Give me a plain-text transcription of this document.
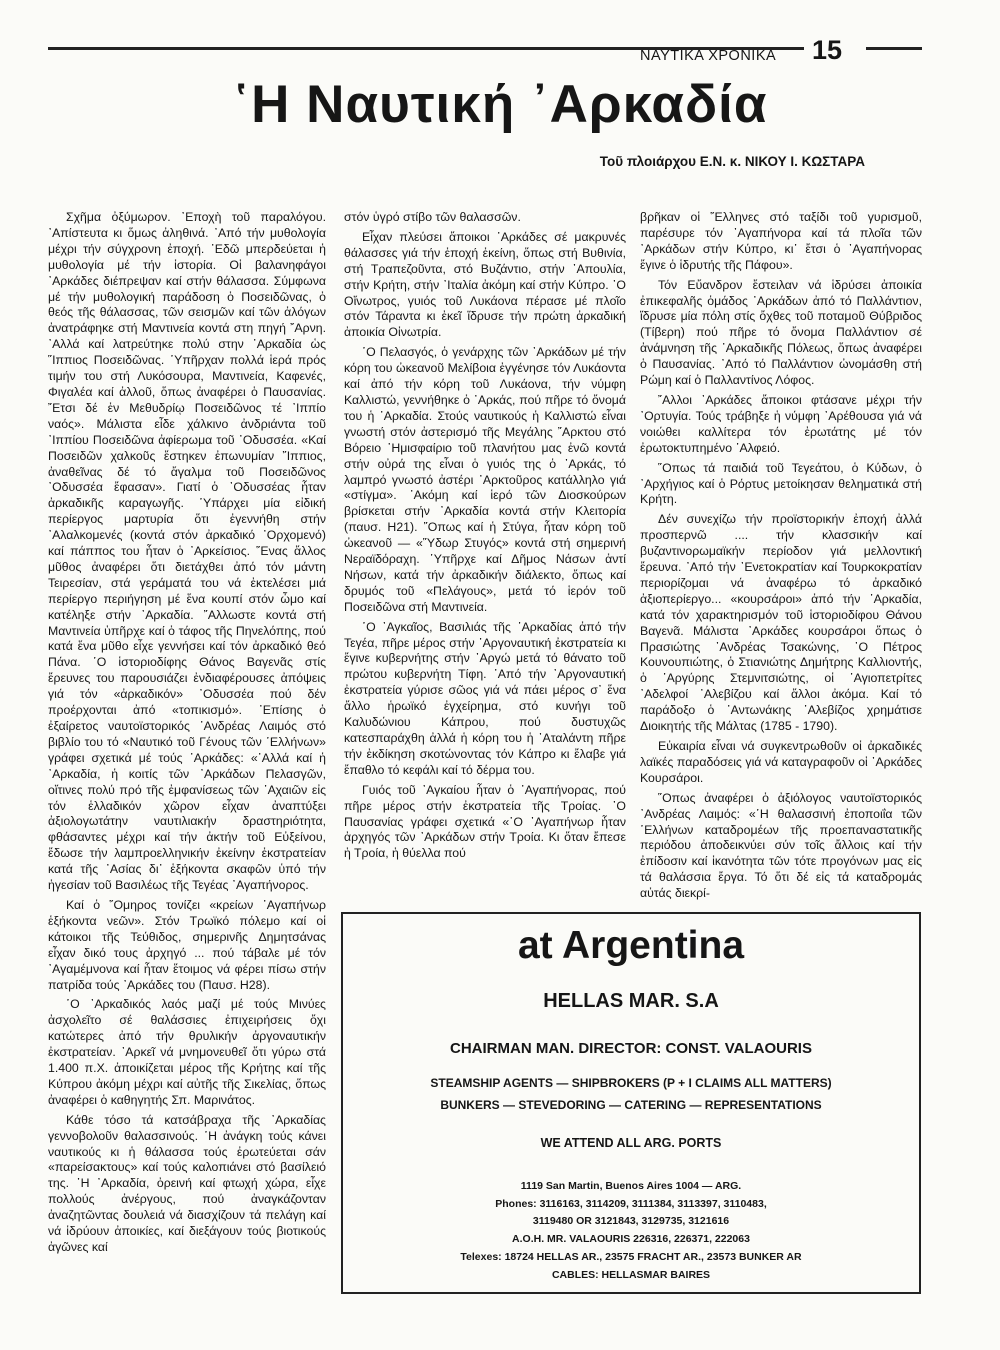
ΝΑΥΤΙΚΑ ΧΡΟΝΙΚΑ 15
῾Η Ναυτική ᾿Αρκαδία
Τοῦ πλοιάρχου Ε.Ν. κ. ΝΙΚΟΥ Ι. ΚΩΣΤΑΡΑ

Σχῆμα ὀξύμωρον. ᾿Εποχὴ τοῦ παραλόγου. ᾿Απίστευτα κι ὅμως ἀληθινά. ᾿Από τήν μυθολογία μέχρι τήν σύγχρονη ἐποχή. ᾿Εδῶ μπερδεύεται ἡ μυθολογία μέ τήν ἱστορία. Οἱ βαλανηφάγοι ᾿Αρκάδες διέπρεψαν καί στήν θάλασσα. Σύμφωνα μέ τήν μυθολογική παράδοση ὁ Ποσειδῶνας, ὁ θεός τῆς θάλασσας, τῶν σεισμῶν καί τῶν ἀλόγων ἀνατράφηκε στή Μαντινεία κοντά στη πηγή ῎Αρνη. ᾿Αλλά καί λατρεύτηκε πολύ στην ᾿Αρκαδία ὡς ῞Ιππιος Ποσειδῶνας. ῾Υπῆρχαν πολλά ἱερά πρός τιμήν του στή Λυκόσουρα, Μαντινεία, Καφενές, Φιγαλέα καί ἀλλοῦ, ὅπως ἀναφέρει ὁ Παυσανίας. ῎Ετσι δέ ἐν Μεθυδρίῳ Ποσειδῶνος τέ ᾿Ιππίο ναός». Μάλιστα εἶδε χάλκινο ἀνδριάντα τοῦ ᾿Ιππίου Ποσειδῶνα ἀφίερωμα τοῦ ᾿Οδυσσέα. «Καί Ποσειδῶν χαλκοῦς ἕστηκεν ἐπωνυμίαν ῞Ιππιος, ἀναθεῖνας δέ τό ἄγαλμα τοῦ Ποσειδῶνος ᾿Οδυσσέα ἔφασαν». Γιατί ὁ ᾿Οδυσσέας ἦταν ἀρκαδικῆς καραγωγῆς. ῾Υπάρχει μία εἰδική περίεργος μαρτυρία ὅτι ἐγεννήθη στήν ᾿Αλαλκομενές (κοντά στόν ἀρκαδικό ᾿Ορχομενό) καί πάππος του ἦταν ὁ ᾿Αρκείσιος. ῞Ενας ἄλλος μῦθος ἀναφέρει ὅτι διετάχθει ἀπό τόν μάντη Τειρεσίαν, στά γεράματά του νά ἐκτελέσει μιά περίεργο περιήγηση μέ ἕνα κουπί στόν ὦμο καί κατέληξε στήν ᾿Αρκαδία. ῎Αλλωστε κοντά στή Μαντινεία ὑπῆρχε καί ὁ τάφος τῆς Πηνελόπης, πού κατά ἕνα μῦθο εἶχε γεννήσει καί τόν ἀρκαδικό θεό Πάνα. ῾Ο ἱστοριοδίφης Θάνος Βαγενᾶς στίς ἔρευνες του παρουσιάζει ἐνδιαφέρουσες ἀπόψεις γιά τόν «ἀρκαδικόν» ᾿Οδυσσέα πού δέν προέρχονται ἀπό «τοπικισμό». ᾿Επίσης ὁ ἐξαίρετος ναυτοϊστορικός ᾿Ανδρέας Λαιμός στό βιβλίο του τό «Ναυτικό τοῦ Γένους τῶν ῾Ελλήνων» γράφει σχετικά μέ τούς ᾿Αρκάδες: «᾿Αλλά καί ἡ ᾿Αρκαδία, ἡ κοιτίς τῶν ᾿Αρκάδων Πελασγῶν, οἵτινες πολύ πρό τῆς ἐμφανίσεως τῶν ᾿Αχαιῶν εἰς τόν ἑλλαδικόν χῶρον εἶχαν ἀναπτύξει ἀξιολογωτάτην ναυτιλιακήν δραστηριότητα, φθάσαντες μέχρι καί τήν ἀκτήν τοῦ Εὐξείνου, ἔδωσε τήν λαμπροελληνικήν ἐκείνην ἐκστρατείαν κατά τῆς ᾿Ασίας δι᾿ ἑξήκοντα σκαφῶν ὑπό τήν ἡγεσίαν τοῦ Βασιλέως τῆς Τεγέας ᾿Αγαπήνορος.

Καί ὁ ῞Ομηρος τονίζει «κρείων ᾿Αγαπήνωρ ἑξήκοντα νεῶν». Στόν Τρωϊκό πόλεμο καί οἱ κάτοικοι τῆς Τεύθιδος, σημερινῆς Δημητσάνας εἶχαν δικό τους ἀρχηγό ... πού τάβαλε μέ τόν ᾿Αγαμέμνονα καί ἦταν ἕτοιμος νά φέρει πίσω στήν πατρίδα τούς ᾿Αρκάδες του (Παυσ. Η28).

῾Ο ᾿Αρκαδικός λαός μαζί μέ τούς Μινύες ἀσχολεῖτο σέ θαλάσσιες ἐπιχειρήσεις ὄχι κατώτερες ἀπό τήν θρυλικήν ἀργοναυτικήν ἐκστρατείαν. ᾿Αρκεῖ νά μνημονευθεῖ ὅτι γύρω στά 1.400 π.Χ. ἀποικίζεται μέρος τῆς Κρήτης καί τῆς Κύπρου ἀκόμη μέχρι καί αὐτῆς τῆς Σικελίας, ὅπως ἀναφέρει ὁ καθηγητής Σπ. Μαρινάτος.

Κάθε τόσο τά κατσάβραχα τῆς ᾿Αρκαδίας γεννοβολοῦν θαλασσινούς. ῾Η ἀνάγκη τούς κάνει ναυτικούς κι ἡ θάλασσα τούς ἐρωτεύεται σάν «παρείσακτους» καί τούς καλοπιάνει στό βασίλειό της. ῾Η ᾿Αρκαδία, ὀρεινή καί φτωχή χώρα, εἶχε πολλούς ἀνέργους, πού ἀναγκάζονταν ἀναζητῶντας δουλειά νά διασχίζουν τά πελάγη καί νά ἱδρύουν ἀποικίες, καί διεξάγουν τούς βιοτικούς ἀγῶνες καί

στόν ὑγρό στίβο τῶν θαλασσῶν.

Εἶχαν πλεύσει ἄποικοι ᾿Αρκάδες σέ μακρυνές θάλασσες γιά τήν ἐποχή ἐκείνη, ὅπως στή Βυθινία, στή Τραπεζοῦντα, στό Βυζάντιο, στήν ᾿Απουλία, στήν Κρήτη, στήν ᾿Ιταλία ἀκόμη καί στήν Κύπρο. ῾Ο Οἴνωτρος, γυιός τοῦ Λυκάονα πέρασε μέ πλοῖο στόν Τάραντα κι ἐκεῖ ἵδρυσε τήν πρώτη ἀρκαδική ἀποικία Οἰνωτρία.

῾Ο Πελασγός, ὁ γενάρχης τῶν ᾿Αρκάδων μέ τήν κόρη του ὠκεανοῦ Μελίβοια ἐγγένησε τόν Λυκάοντα καί ἀπό τήν κόρη τοῦ Λυκάονα, τήν νύμφη Καλλιστώ, γεννήθηκε ὁ ᾿Αρκάς, πού πῆρε τό ὄνομά του ἡ ᾿Αρκαδία. Στούς ναυτικούς ἡ Καλλιστώ εἶναι γνωστή στόν ἀστερισμό τῆς Μεγάλης ῎Αρκτου στό Βόρειο ῾Ημισφαίριο τοῦ πλανήτου μας ἐνῶ κοντά στήν οὐρά της εἶναι ὁ γυιός της ὁ ᾿Αρκάς, τό λαμπρό γνωστό ἀστέρι ᾿Αρκτοῦρος κατάλληλο γιά «στίγμα». ᾿Ακόμη καί ἱερό τῶν Διοσκούρων βρίσκεται στήν ᾿Αρκαδία κοντά στήν Κλειτορία (παυσ. Η21). ῞Οπως καί ἡ Στύγα, ἦταν κόρη τοῦ ὠκεανοῦ — «῞Υδωρ Στυγός» κοντά στή σημερινή Νεραϊδόραχη. ῾Υπῆρχε καί Δῆμος Νάσων ἀντί Νήσων, κατά τήν ἀρκαδικήν διάλεκτο, ὅπως καί δρυμός τοῦ «Πελάγους», μετά τό ἱερόν τοῦ Ποσειδῶνα στή Μαντινεία.

῾Ο ᾿Αγκαῖος, Βασιλιάς τῆς ᾿Αρκαδίας ἀπό τήν Τεγέα, πῆρε μέρος στήν ᾿Αργοναυτική ἐκστρατεία κι ἔγινε κυβερνήτης στήν ᾿Αργώ μετά τό θάνατο τοῦ πρώτου κυβερνήτη Τίφη. ᾿Από τήν ᾿Αργοναυτική ἐκστρατεία γύρισε σῶος γιά νά πάει μέρος σ᾿ ἕνα ἄλλο ἡρωϊκό ἐγχείρημα, στό κυνήγι τοῦ Καλυδώνιου Κάπρου, πού δυστυχῶς κατεσπαράχθη ἀλλά ἡ κόρη του ἡ ᾿Αταλάντη πῆρε τήν ἐκδίκηση σκοτώνοντας τόν Κάπρο κι ἔλαβε γιά ἔπαθλο τό κεφάλι καί τό δέρμα του.

Γυιός τοῦ ᾿Αγκαίου ἦταν ὁ ᾿Αγαπήνορας, πού πῆρε μέρος στήν ἐκστρατεία τῆς Τροίας. ῾Ο Παυσανίας γράφει σχετικά «῾Ο ᾿Αγαπήνωρ ἦταν ἀρχηγός τῶν ᾿Αρκάδων στήν Τροία. Κι ὅταν ἔπεσε ἡ Τροία, ἡ θύελλα πού

βρῆκαν οἱ ῞Ελληνες στό ταξίδι τοῦ γυρισμοῦ, παρέσυρε τόν ᾿Αγαπήνορα καί τά πλοῖα τῶν ᾿Αρκάδων στήν Κύπρο, κι᾿ ἔτσι ὁ ᾿Αγαπήνορας ἔγινε ὁ ἱδρυτής τῆς Πάφου».

Τόν Εὔανδρον ἔστειλαν νά ἱδρύσει ἀποικία ἐπικεφαλῆς ὁμάδος ᾿Αρκάδων ἀπό τό Παλλάντιον, ἵδρυσε μία πόλη στίς ὄχθες τοῦ ποταμοῦ Θύβριδος (Τίβερη) πού πῆρε τό ὄνομα Παλλάντιον σέ ἀνάμνηση τῆς ᾿Αρκαδικῆς Πόλεως, ὅπως ἀναφέρει ὁ Παυσανίας. ᾿Από τό Παλλάντιον ὠνομάσθη στή Ρώμη καί ὁ Παλλαντίνος Λόφος.

῎Αλλοι ᾿Αρκάδες ἄποικοι φτάσανε μέχρι τήν ᾿Ορτυγία. Τούς τράβηξε ἡ νύμφη ᾿Αρέθουσα γιά νά νοιώθει καλλίτερα τόν ἐρωτάτης μέ τόν ἐρωτοκτυπημένο ᾿Αλφειό.

῞Οπως τά παιδιά τοῦ Τεγεάτου, ὁ Κύδων, ὁ ᾿Αρχήγιος καί ὁ Ρόρτυς μετοίκησαν θεληματικά στή Κρήτη.

Δέν συνεχίζω τήν προϊστορικήν ἐποχή ἀλλά προσπερνῶ .... τήν κλασσικήν καί βυζαντινορωμαϊκήν περίοδον γιά μελλοντική ἔρευνα. ᾿Από τήν ᾿Ενετοκρατίαν καί Τουρκοκρατίαν περιορίζομαι νά ἀναφέρω τό ἀρκαδικό ἀξιοπερίεργο... «κουρσάροι» ἀπό τήν ᾿Αρκαδία, κατά τόν χαρακτηρισμόν τοῦ ἱστοριοδίφου Θάνου Βαγενᾶ. Μάλιστα ᾿Αρκάδες κουρσάροι ὅπως ὁ Πρασιώτης ᾿Ανδρέας Τσακώνης, ῾Ο Πέτρος Κουνουπιώτης, ὁ Στιανιώτης Δημήτρης Καλλιοντής, ὁ ᾿Αργύρης Στεμνιτσιώτης, οἱ ᾿Αγιοπετρίτες ᾿Αδελφοί ᾿Αλεβίζου καί ἄλλοι ἀκόμα. Καί τό παράδοξο ὁ ᾿Αντωνάκης ᾿Αλεβίζος χρημάτισε Διοικητής τῆς Μάλτας (1785 - 1790).

Εὐκαιρία εἶναι νά συγκεντρωθοῦν οἱ ἀρκαδικές λαϊκές παραδόσεις γιά νά καταγραφοῦν οἱ ᾿Αρκάδες Κουρσάροι.

῞Οπως ἀναφέρει ὁ ἀξιόλογος ναυτοϊστορικός ᾿Ανδρέας Λαιμός: «῾Η θαλασσινή ἐποποιΐα τῶν ῾Ελλήνων καταδρομέων τῆς προεπαναστατικῆς περιόδου ἀποδεικνύει σύν τοῖς ἄλλοις καί τήν ἐπίδοσιν καί ἱκανότητα τῶν τότε προγόνων μας εἰς τά θαλάσσια ἔργα. Τό ὅτι δέ εἰς τά καταδρομάς αὐτάς διεκρί-

at Argentina
HELLAS MAR. S.A
CHAIRMAN MAN. DIRECTOR: CONST. VALAOURIS
STEAMSHIP AGENTS — SHIPBROKERS (P + I CLAIMS ALL MATTERS)
BUNKERS — STEVEDORING — CATERING — REPRESENTATIONS
WE ATTEND ALL ARG. PORTS
1119 San Martin, Buenos Aires 1004 — ARG.
Phones: 3116163, 3114209, 3111384, 3113397, 3110483,
3119480 OR 3121843, 3129735, 3121616
A.O.H. MR. VALAOURIS 226316, 226371, 222063
Telexes: 18724 HELLAS AR., 23575 FRACHT AR., 23573 BUNKER AR
CABLES: HELLASMAR BAIRES
